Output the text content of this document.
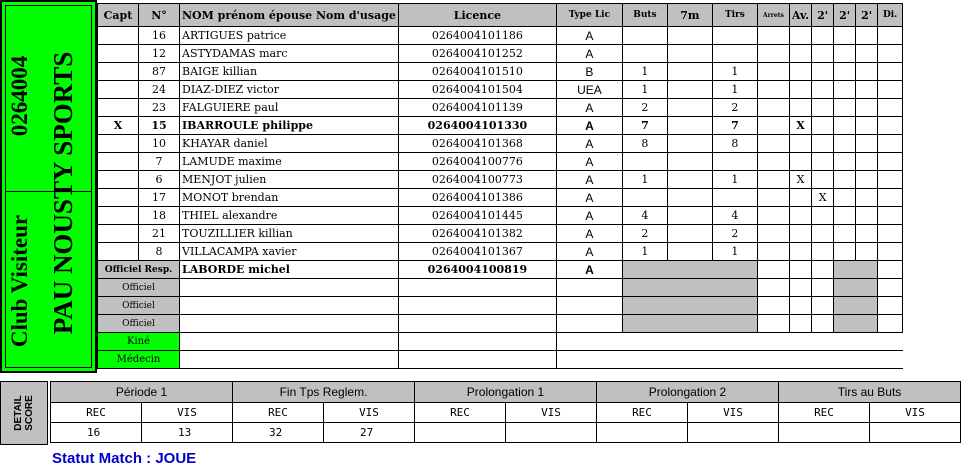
Club Visiteur
0264004 PAU NOUSTY SPORTS
Capt	N°	NOM prénom épouse Nom d'usage	Licence	Type Lic	Buts	7m	Tirs	Arrets	Av.	2'	2'	2'	Di.
	16	ARTIGUES patrice	0264004101186	A									
	12	ASTYDAMAS marc	0264004101252	A									
	87	BAIGE killian	0264004101510	B	1		1						
	24	DIAZ-DIEZ victor	0264004101504	UEA	1		1						
	23	FALGUIERE paul	0264004101139	A	2		2						
X	15	IBARROULE philippe	0264004101330	A	7		7		X				
	10	KHAYAR daniel	0264004101368	A	8		8						
	7	LAMUDE maxime	0264004100776	A									
	6	MENJOT julien	0264004100773	A	1		1		X				
	17	MONOT brendan	0264004101386	A						X			
	18	THIEL alexandre	0264004101445	A	4		4						
	21	TOUZILLIER killian	0264004101382	A	2		2						
	8	VILLACAMPA xavier	0264004101367	A	1		1						
Officiel Resp.		LABORDE michel	0264004100819	A									
Officiel													
Officiel													
Officiel													
Kiné													
Médecin													
DETAIL SCORE
Période 1		Fin Tps Reglem.		Prolongation 1		Prolongation 2		Tirs au Buts	
REC	VIS	REC	VIS	REC	VIS	REC	VIS	REC	VIS
16	13	32	27						
Statut Match : JOUE
